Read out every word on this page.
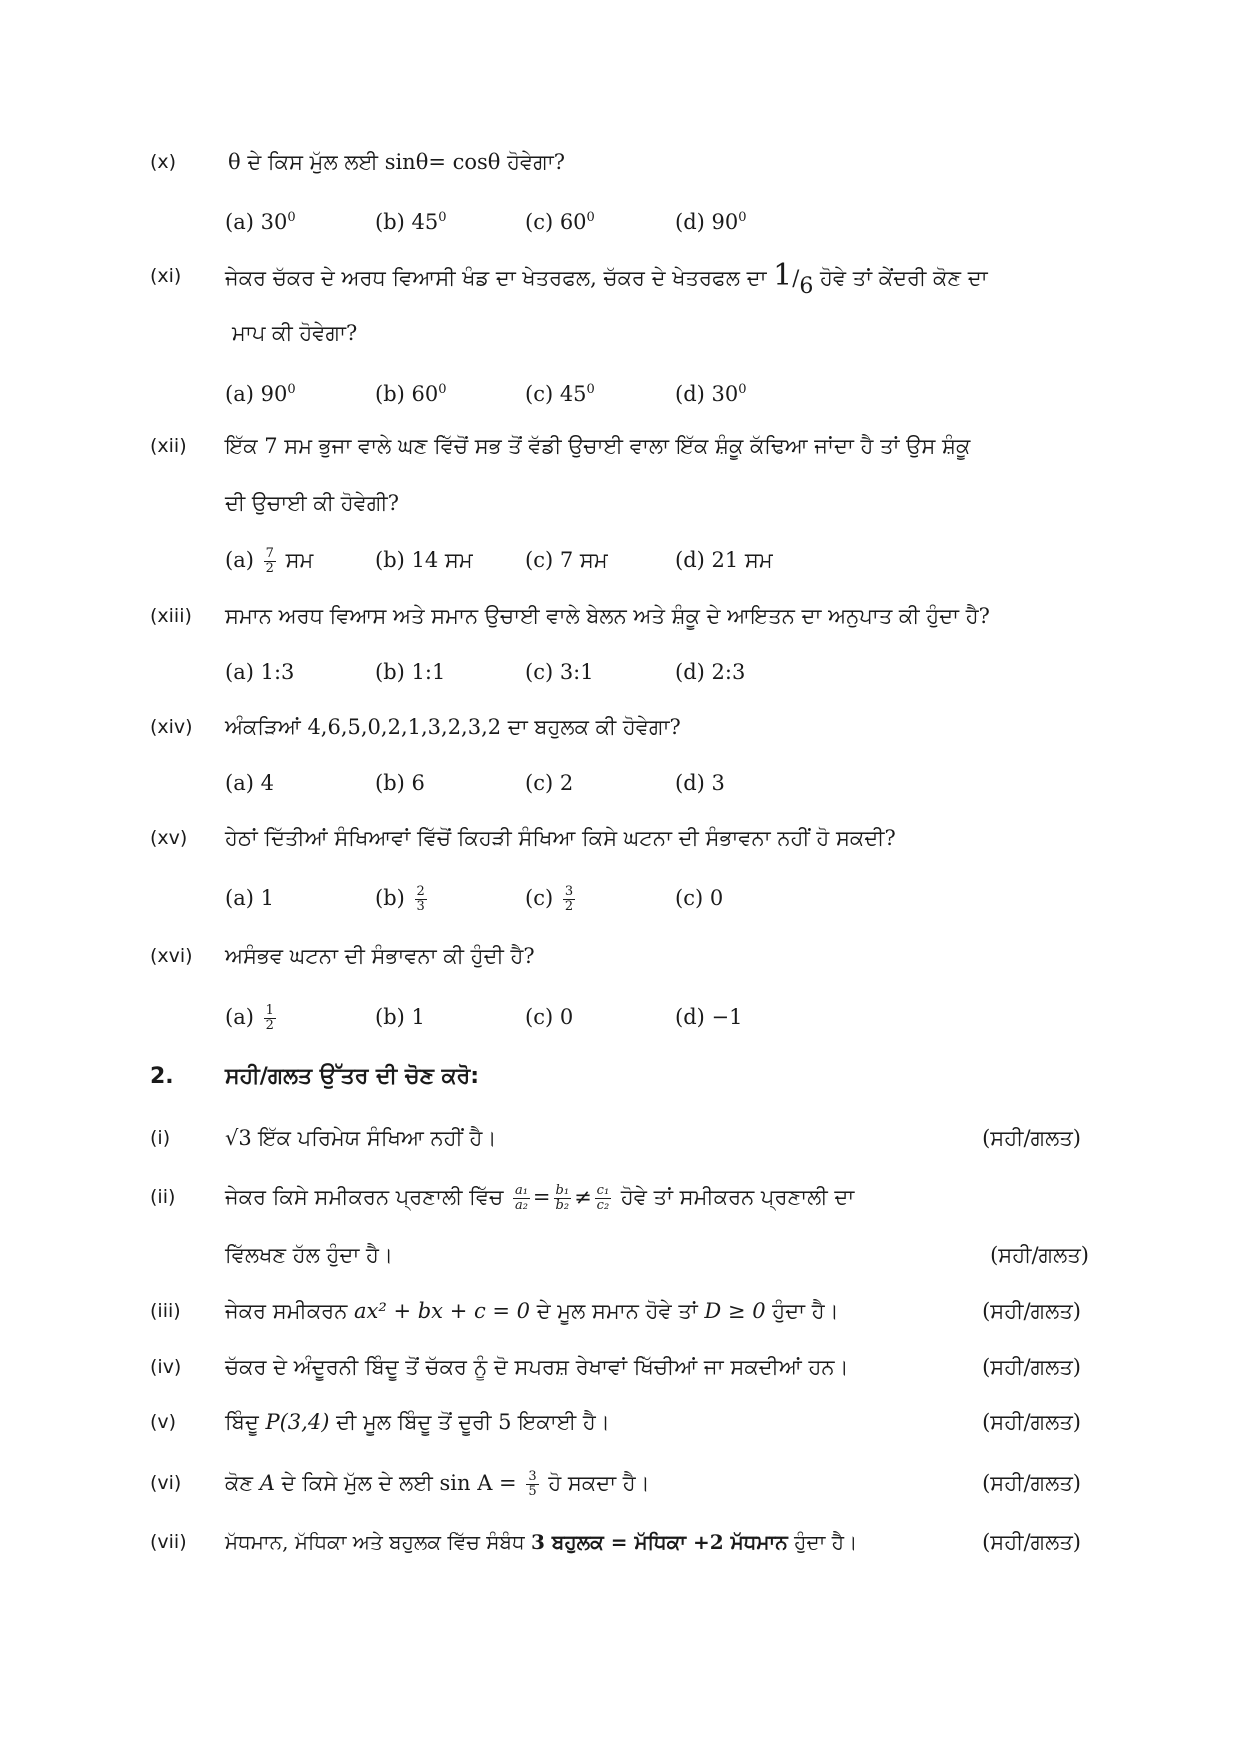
(x) θ ਦੇ ਕਿਸ ਮੁੱਲ ਲਈ sinθ= cosθ ਹੋਵੇਗਾ?
(a) $30^0$	(b) $45^0$	(c) $60^0$	(d) $90^0$
(xi) ਜੇਕਰ ਚੱਕਰ ਦੇ ਅਰਧ ਵਿਆਸੀ ਖੰਡ ਦਾ ਖੇਤਰਫਲ, ਚੱਕਰ ਦੇ ਖੇਤਰਫਲ ਦਾ 1/6 ਹੋਵੇ ਤਾਂ ਕੇਂਦਰੀ ਕੋਣ ਦਾ
ਮਾਪ ਕੀ ਹੋਵੇਗਾ?
(a) $90^0$	(b) $60^0$	(c) $45^0$	(d) $30^0$
(xii) ਇੱਕ 7 ਸਮ ਭੁਜਾ ਵਾਲੇ ਘਣ ਵਿੱਚੋਂ ਸਭ ਤੋਂ ਵੱਡੀ ਉਚਾਈ ਵਾਲਾ ਇੱਕ ਸ਼ੰਕੂ ਕੱਢਿਆ ਜਾਂਦਾ ਹੈ ਤਾਂ ਉਸ ਸ਼ੰਕੂ
ਦੀ ਉਚਾਈ ਕੀ ਹੋਵੇਗੀ?
$(a) \frac{7}{2}$ ਸਮ	(b) 14 ਸਮ (c) 7 ਸਮ	(d) 21 ਸਮ
(xiii) ਸਮਾਨ ਅਰਧ ਵਿਆਸ ਅਤੇ ਸਮਾਨ ਉਚਾਈ ਵਾਲੇ ਬੇਲਨ ਅਤੇ ਸ਼ੰਕੂ ਦੇ ਆਇਤਨ ਦਾ ਅਨੁਪਾਤ ਕੀ ਹੁੰਦਾ ਹੈ?
(a) 1:3	(b) 1:1	(c) 3:1	(d) 2:3
(xiv) ਅੰਕੜਿਆਂ 4,6,5,0,2,1,3,2,3,2 ਦਾ ਬਹੁਲਕ ਕੀ ਹੋਵੇਗਾ?
(a) 4	(b) 6	(c) 2	(d) 3
(xv) ਹੇਠਾਂ ਦਿੱਤੀਆਂ ਸੰਖਿਆਵਾਂ ਵਿੱਚੋਂ ਕਿਹੜੀ ਸੰਖਿਆ ਕਿਸੇ ਘਟਨਾ ਦੀ ਸੰਭਾਵਨਾ ਨਹੀਂ ਹੋ ਸਕਦੀ?
(a) 1	$(b) \frac{2}{3}$	$(c) \frac{3}{2}$	(c) 0
(xvi) ਅਸੰਭਵ ਘਟਨਾ ਦੀ ਸੰਭਾਵਨਾ ਕੀ ਹੁੰਦੀ ਹੈ?
$(a) \frac{1}{2}$	(b) 1	(c) 0	(d) −1
2. ਸਹੀ/ਗਲਤ ਉੱਤਰ ਦੀ ਚੋਣ ਕਰੋ:
(i)	√3 ਇੱਕ ਪਰਿਮੇਯ ਸੰਖਿਆ ਨਹੀਂ ਹੈ।	(ਸਹੀ/ਗਲਤ)
(ii) ਜੇਕਰ ਕਿਸੇ ਸਮੀਕਰਨ ਪ੍ਰਣਾਲੀ ਵਿੱਚ $\frac{\text{a₁}}{\text{a₂}} = \frac{\text{b₁}}{\text{b₂}} \ne \frac{\text{c₁}}{\text{c₂}}$ ਹੋਵੇ ਤਾਂ ਸਮੀਕਰਨ ਪ੍ਰਣਾਲੀ ਦਾ
ਵਿੱਲਖਣ ਹੱਲ ਹੁੰਦਾ ਹੈ।	(ਸਹੀ/ਗਲਤ)
(iii) ਜੇਕਰ ਸਮੀਕਰਨ ax² + bx + c = 0 ਦੇ ਮੂਲ ਸਮਾਨ ਹੋਵੇ ਤਾਂ D ≥ 0 ਹੁੰਦਾ ਹੈ।	(ਸਹੀ/ਗਲਤ)
(iv) ਚੱਕਰ ਦੇ ਅੰਦੂਰਨੀ ਬਿੰਦੂ ਤੋਂ ਚੱਕਰ ਨੂੰ ਦੋ ਸਪਰਸ਼ ਰੇਖਾਵਾਂ ਖਿੱਚੀਆਂ ਜਾ ਸਕਦੀਆਂ ਹਨ।	(ਸਹੀ/ਗਲਤ)
(v) ਬਿੰਦੂ P(3,4) ਦੀ ਮੂਲ ਬਿੰਦੂ ਤੋਂ ਦੂਰੀ 5 ਇਕਾਈ ਹੈ।	(ਸਹੀ/ਗਲਤ)
(vi) ਕੋਣ A ਦੇ ਕਿਸੇ ਮੁੱਲ ਦੇ ਲਈ $\sin A = \frac{3}{5}$ ਹੋ ਸਕਦਾ ਹੈ।	(ਸਹੀ/ਗਲਤ)
(vii) ਮੱਧਮਾਨ, ਮੱਧਿਕਾ ਅਤੇ ਬਹੁਲਕ ਵਿੱਚ ਸੰਬੰਧ 3 ਬਹੁਲਕ = ਮੱਧਿਕਾ +2 ਮੱਧਮਾਨ ਹੁੰਦਾ ਹੈ।	(ਸਹੀ/ਗਲਤ)
